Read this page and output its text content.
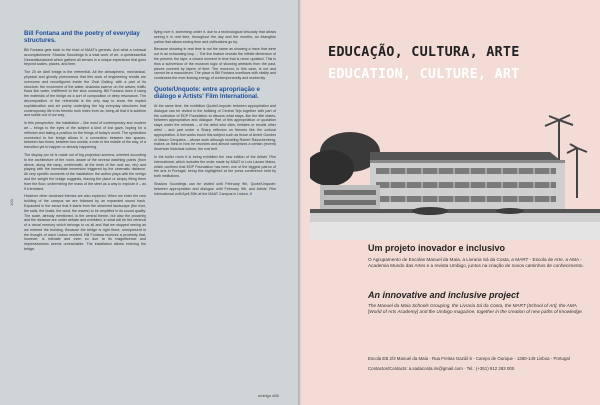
100
Bill Fontana and the poetry of everyday structures.

Bill Fontana gets back to the triad of MAAT's genesis. And what a colossal accomplishment: Shadow Soundings is a total work of art, a quintessential Gesamtkunstwerk which gathers all senses in a unique experience that goes beyond scales, places, and time.

The 25 de Abril bridge is the referential. All the atmospheric, mechanical, physical and ghostly phenomena that this work of engineering recalls are overcome and reconfigured inside the Oval Gallery, with a part of its structure: the movement of the water, shadows swerve on the waves; traffic flows like water, indifferent to the slow crossing. Bill Fontana does it using the materials of the bridge as a sort of composition of deep resonance. The decomposition of the referential is the only way to show the implicit sophistication and art poetry underlying the big everyday structures that contemporary life in its frenetic rush hides from us, being all that it is sublime and subtle out of our way.

In this perspective, the installation – like most of contemporary and modern art – brings to the eyes of the subject a kind of lost gaze, hoping for a reflexion and taking a position on the things of today's world. The symbolism connected to the bridge allows it: a connection between two spaces, between two times, between two worlds; a man in the middle of the way, of a transition yet to happen or already happening.

The display per se is made out of big projection screens, oriented according to the architecture of the room, aware of the several watching points (from above, along the ramp, underneath, at the ends of the oval arc, etc) and playing with the immediate immersion triggered by the cinematic distance. All very specific moments of the installation: the author plays with the vertigo and the weight the bridge suggests, leaving the place or simply lifting them from the floor, undermining the mass of the steel as a way to explode it – as if it levitated.

However other dominant themes are also explored. When we enter the new building of the campus we are followed by an expanded sound track. Expanded in the sense that it starts from the observed landscape (the river, the sails, the boats, the wind, the waves) to be amplified in its sound quality. The scale, already mentioned, is the central theme, but also the proximity and the distance are under debate and exhibited, in what will be the retrieval of a visual memory which belongs to us all and that we stopped seeing as we entered the building. Because the bridge is right there, omnipresent in the thought of each Lisbon resident. Bill Fontana receives a proximity that, however, is intimate and even so due to its magnificence and impressiveness seems unreachable. The installation allows entering the bridge,

flying over it, swimming under it, due to a technological virtuosity that allows seeing it in real time, throughout the day and the months; an intangible patina that allows seeing time and civilizations go by.

Because showing in real time is not the same as showing a trace that were out in an exhausting loop ... The live feature reveals the infinite dimension of the present; the tape, a closed moment in time that is never updated. This is thus a subversion of the museum logic of showing artefacts from the past, pieces covered by layers of time. The museum, in this case, is not and cannot be a mausoleum. The place is Bill Fontana overflows with vitality and condenses the ever-flowing energy of contemporaneity and modernity.

Quote/Unquote: entre apropriação e diálogo e Artists' Film International.

At the same time, the exhibition Quote/Unquote: between appropriation and dialogue can be visited in the building of Central Tejo together with part of the collection of EDP Foundation to discuss what stays, like the title states, between appropriation and dialogue. Part of this appropriation or quotation stays under the mimesis – of the artist who cites, imitates or recalls other artist – and part under a Sharp reflexion on themes like the cultural appropriation. A few works touch this subject such as those of André Guedes or Mauro Cerqueira – whose work although recalling Robert Rauschenberg, makes us think in how he recovers and almost vampirizes a certain (recent) American historical culture, the rust belt.

In the boiler room it is being exhibited the new edition of the Artists' Film International, which includes the order made by MAAT to Luís Lázaro Matos, which confirms that EDP Foundation has been one of the biggest patron of the arts in Portugal, being this highlighted at the press conference held by both institutions.

Shadow Soundings can be visited until February 9th, Quote/Unquote: between appropriation and dialogue until February 9th, and Artists' Film International until April 30th at the MAAT Campus in Lisbon. //

umbigo #65
EDUCAÇÃO, CULTURA, ARTE
EDUCATION, CULTURE, ART
Um projeto inovador e inclusivo
O Agrupamento de Escolas Manuel da Maia, a Livraria Sá da Costa, a MART - Escola de Arte, a AMA - Academia Mundo das Artes e a revista Umbigo, juntos na criação de novos caminhos de conhecimento.
An innovative and inclusive project
The Manuel da Maia Schools Grouping, the Livraria Sá da Costa, the MART [School of Art], the AMA [World of Arts Academy] and the Umbigo magazine, together in the creation of new paths of knowledge.
Escola EB 2/3 Manuel da Maia - Rua Freitas Gazúil 6 - Campo de Ourique - 1350-149 Lisboa - Portugal
Contactos/Contacts: a.sadacosta.im@gmail.com · Tel.: (+351) 912 283 000
